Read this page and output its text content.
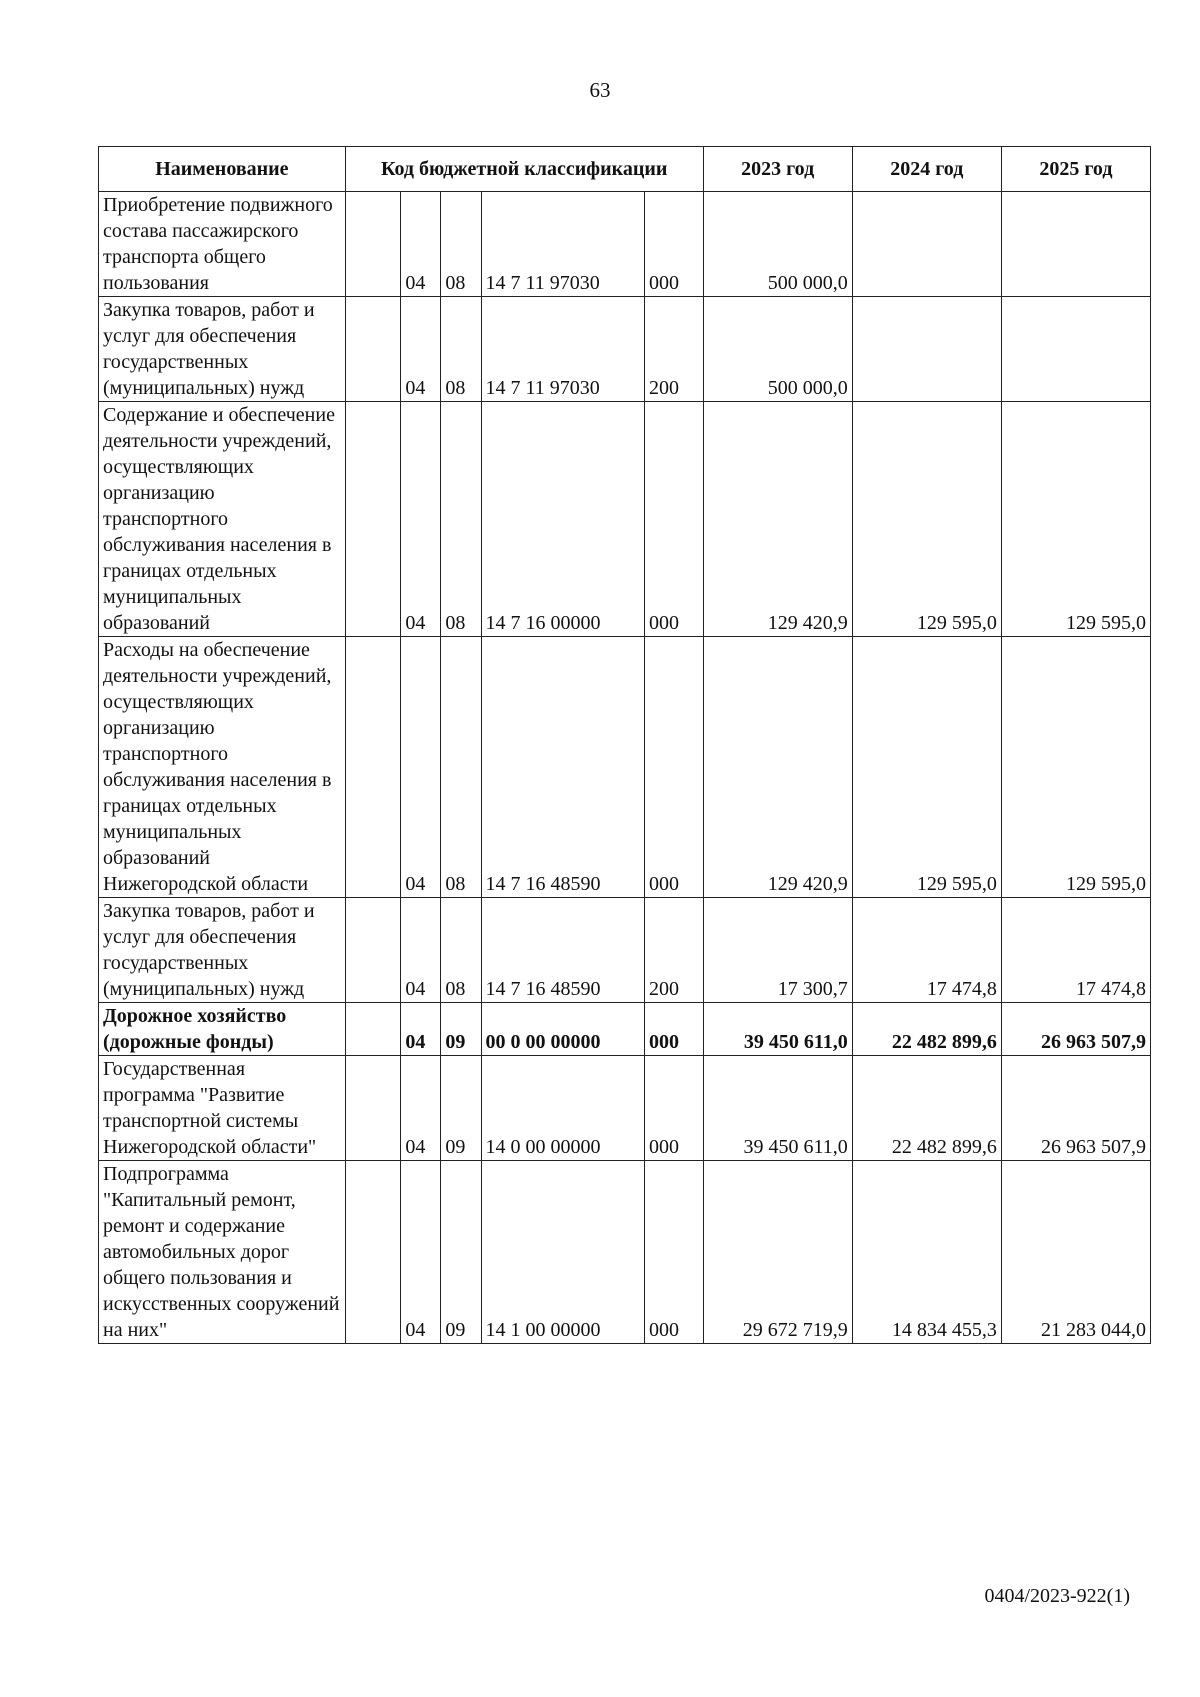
63
Наименование	Код бюджетной классификации					2023 год	2024 год	2025 год
Приобретение подвижного состава пассажирского транспорта общего пользования		04	08	14 7 11 97030	000	500 000,0		
Закупка товаров, работ и услуг для обеспечения государственных (муниципальных) нужд		04	08	14 7 11 97030	200	500 000,0		
Содержание и обеспечение деятельности учреждений, осуществляющих организацию транспортного обслуживания населения в границах отдельных муниципальных образований		04	08	14 7 16 00000	000	129 420,9	129 595,0	129 595,0
Расходы на обеспечение деятельности учреждений, осуществляющих организацию транспортного обслуживания населения в границах отдельных муниципальных образований Нижегородской области		04	08	14 7 16 48590	000	129 420,9	129 595,0	129 595,0
Закупка товаров, работ и услуг для обеспечения государственных (муниципальных) нужд		04	08	14 7 16 48590	200	17 300,7	17 474,8	17 474,8
Дорожное хозяйство (дорожные фонды)		04	09	00 0 00 00000	000	39 450 611,0	22 482 899,6	26 963 507,9
Государственная программа "Развитие транспортной системы Нижегородской области"		04	09	14 0 00 00000	000	39 450 611,0	22 482 899,6	26 963 507,9
Подпрограмма "Капитальный ремонт, ремонт и содержание автомобильных дорог общего пользования и искусственных сооружений на них"		04	09	14 1 00 00000	000	29 672 719,9	14 834 455,3	21 283 044,0
0404/2023-922(1)
